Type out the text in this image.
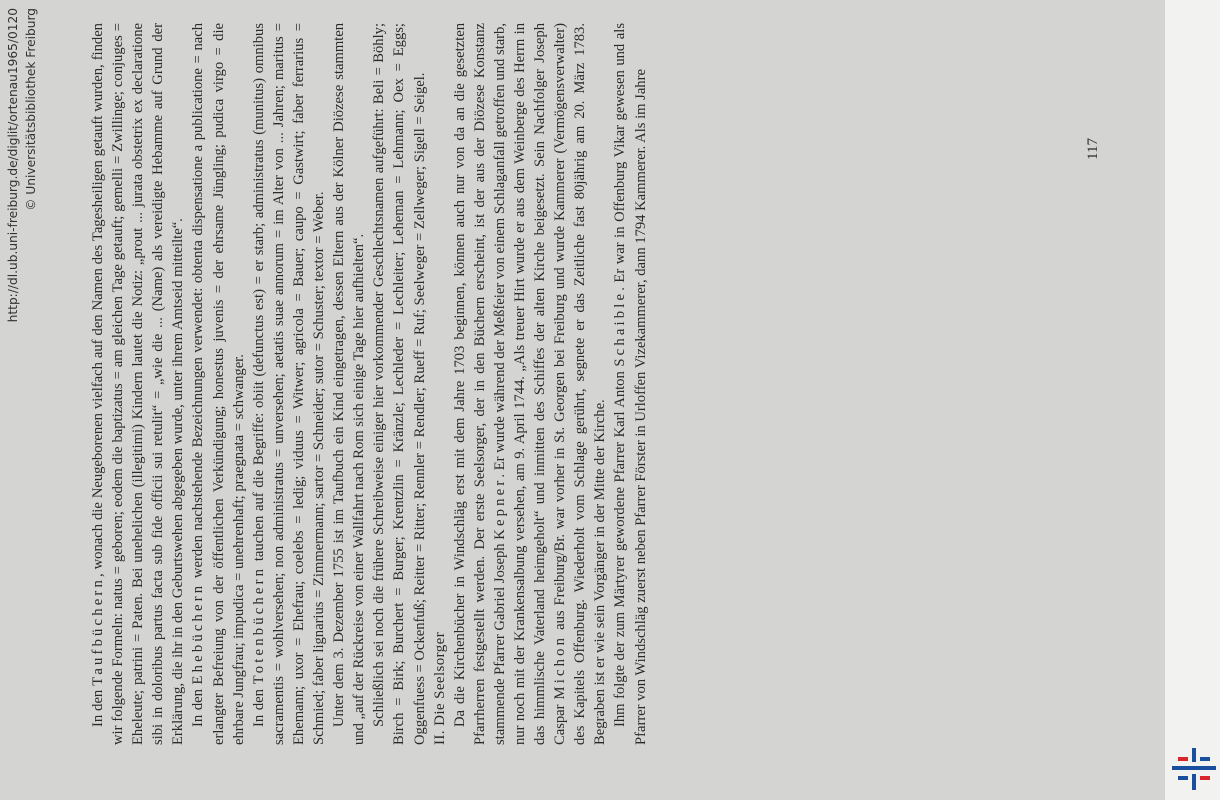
In den Taufbüchern, wonach die Neugeborenen vielfach auf den Namen des Tagesheiligen getauft wurden, finden wir folgende Formeln: natus = geboren; eodem die baptizatus = am gleichen Tage getauft; gemelli = Zwillinge; conjuges = Eheleute; patrini = Paten. Bei unehelichen (illegitimi) Kindern lautet die Notiz: „prout ... jurata obstetrix ex declaratione sibi in doloribus partus facta sub fide officii sui retulit“ = „wie die ... (Name) als vereidigte Hebamme auf Grund der Erklärung, die ihr in den Geburtswehen abgegeben wurde, unter ihrem Amtseid mitteilte“. In den Ehebüchern werden nachstehende Bezeichnungen verwendet: obtenta dispensatione a publicatione = nach erlangter Befreiung von der öffentlichen Verkündigung; honestus juvenis = der ehrsame Jüngling; pudica virgo = die ehrbare Jungfrau; impudica = unehrenhaft; praegnata = schwanger. In den Totenbüchern tauchen auf die Begriffe: obiit (defunctus est) = er starb; administratus (munitus) omnibus sacramentis = wohlversehen; non administratus = unversehen; aetatis suae annorum = im Alter von ... Jahren; maritus = Ehemann; uxor = Ehefrau; coelebs = ledig; viduus = Witwer; agricola = Bauer; caupo = Gastwirt; faber ferrarius = Schmied; faber lignarius = Zimmermann; sartor = Schneider; sutor = Schuster; textor = Weber. Unter dem 3. Dezember 1755 ist im Taufbuch ein Kind eingetragen, dessen Eltern aus der Kölner Diözese stammten und „auf der Rückreise von einer Wallfahrt nach Rom sich einige Tage hier aufhielten“. Schließlich sei noch die frühere Schreibweise einiger hier vorkommender Geschlechtsnamen aufgeführt: Beli = Böhly; Birch = Birk; Burchert = Burger; Krentzlin = Kränzle; Lechleder = Lechleiter; Leheman = Lehmann; Oex = Eggs; Oggenfuess = Ockenfuß; Reitter = Ritter; Rennler = Rendler; Rueff = Ruf; Seelweger = Zellweger; Sigell = Seigel. II. Die Seelsorger Da die Kirchenbücher in Windschläg erst mit dem Jahre 1703 beginnen, können auch nur von da an die gesetzten Pfarrherren festgestellt werden. Der erste Seelsorger, der in den Büchern erscheint, ist der aus der Diözese Konstanz stammende Pfarrer Gabriel Joseph Kepner. Er wurde während der Meßfeier von einem Schlaganfall getroffen und starb, nur noch mit der Krankensalbung versehen, am 9. April 1744. „Als treuer Hirt wurde er aus dem Weinberge des Herrn in das himmlische Vaterland heimgeholt“ und inmitten des Schiffes der alten Kirche beigesetzt. Sein Nachfolger Joseph Caspar Michon aus Freiburg/Br. war vorher in St. Georgen bei Freiburg und wurde Kammerer (Vermögensverwalter) des Kapitels Offenburg. Wiederholt vom Schlage gerührt, segnete er das Zeitliche fast 80jährig am 20. März 1783. Begraben ist er wie sein Vorgänger in der Mitte der Kirche. Ihm folgte der zum Märtyrer gewordene Pfarrer Karl Anton Schaible. Er war in Offenburg Vikar gewesen und als Pfarrer von Windschläg zuerst neben Pfarrer Förster in Urloffen Vizekammerer, dann 1794 Kammerer. Als im Jahre	117
http://dl.ub.uni-freiburg.de/diglit/ortenau1965/0120 © Universitätsbibliothek Freiburg
